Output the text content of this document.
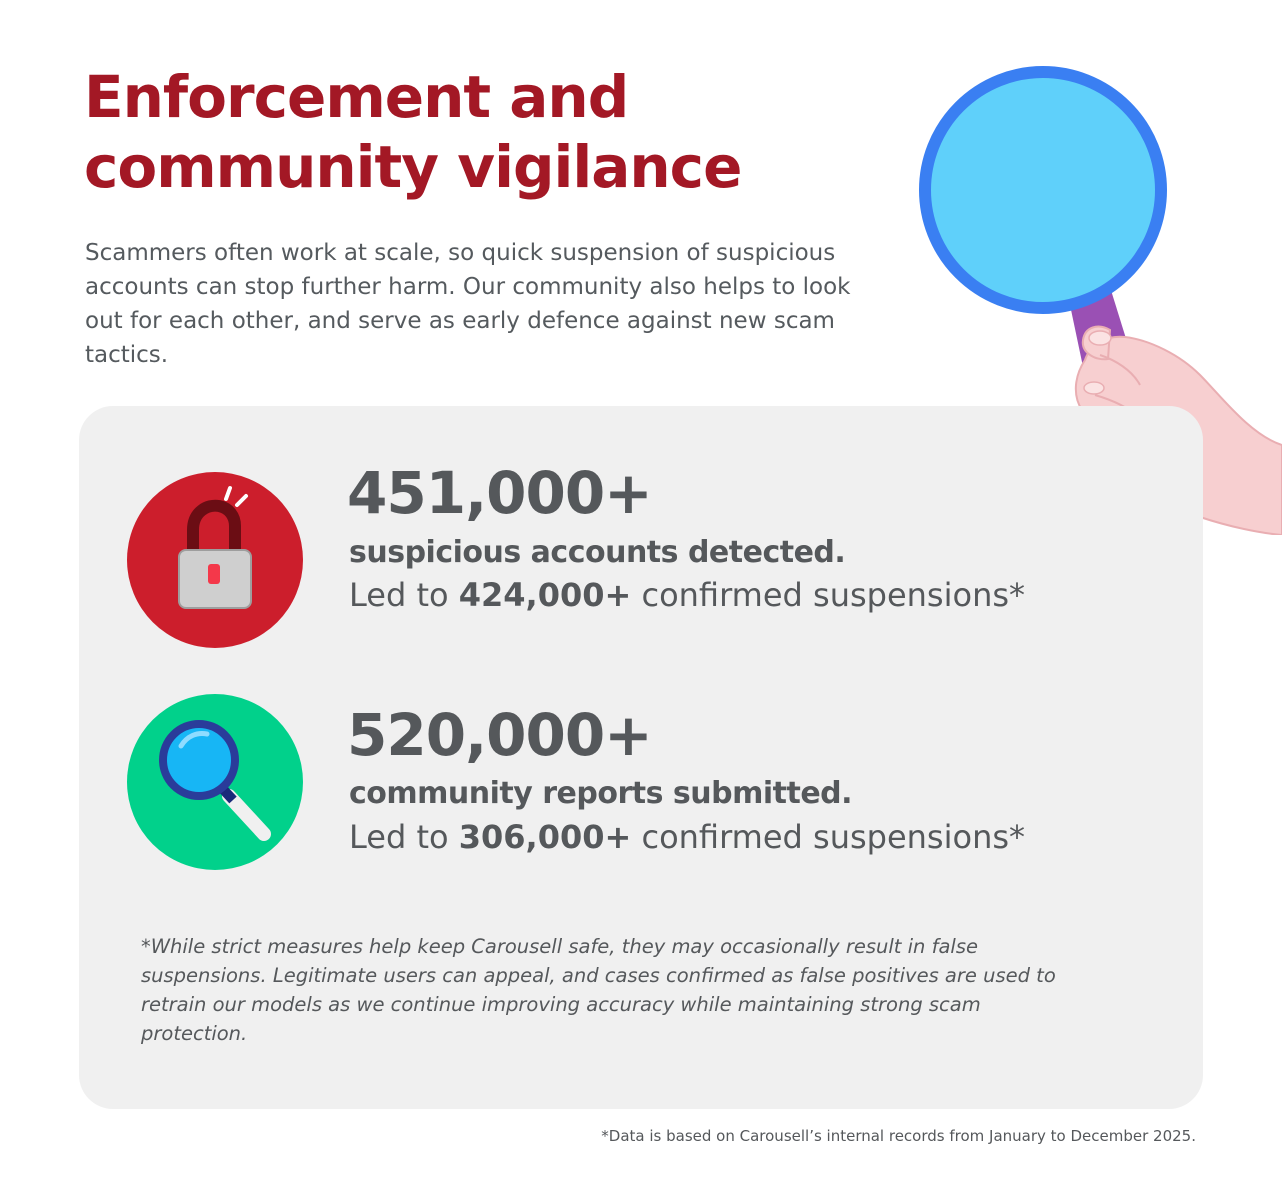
Enforcement and community vigilance

Scammers often work at scale, so quick suspension of suspicious accounts can stop further harm. Our community also helps to look out for each other, and serve as early defence against new scam tactics.

451,000+
suspicious accounts detected.
Led to 424,000+ confirmed suspensions*
520,000+
community reports submitted.
Led to 306,000+ confirmed suspensions*

*While strict measures help keep Carousell safe, they may occasionally result in false suspensions. Legitimate users can appeal, and cases confirmed as false positives are used to retrain our models as we continue improving accuracy while maintaining strong scam protection.

*Data is based on Carousell’s internal records from January to December 2025.
